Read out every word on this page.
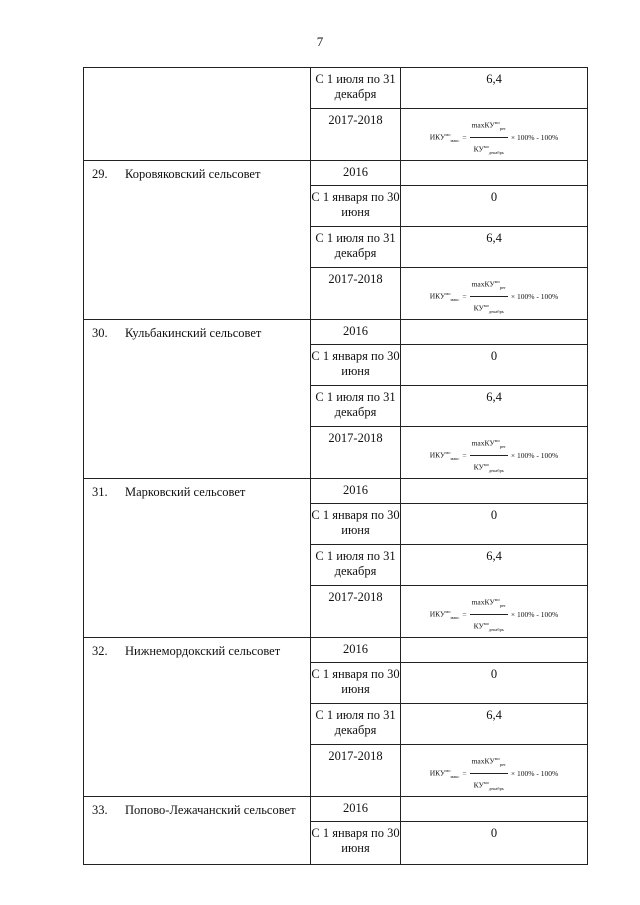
7
	С 1 июля по 31 декабря	6,4
	2017-2018	$ИКУ^{мо}_{макс} = \frac{\max КУ^{мо}_{рег}}{КУ^{мо}_{декабрь}} \times 100\% - 100\%$

29. Коровяковский сельсовет	2016	
	С 1 января по 30 июня	0
	С 1 июля по 31 декабря	6,4
	2017-2018	$ИКУ^{мо}_{макс} = \frac{\max КУ^{мо}_{рег}}{КУ^{мо}_{декабрь}} \times 100\% - 100\%$

30. Кульбакинский сельсовет	2016	
	С 1 января по 30 июня	0
	С 1 июля по 31 декабря	6,4
	2017-2018	$ИКУ^{мо}_{макс} = \frac{\max КУ^{мо}_{рег}}{КУ^{мо}_{декабрь}} \times 100\% - 100\%$

31. Марковский сельсовет	2016	
	С 1 января по 30 июня	0
	С 1 июля по 31 декабря	6,4
	2017-2018	$ИКУ^{мо}_{макс} = \frac{\max КУ^{мо}_{рег}}{КУ^{мо}_{декабрь}} \times 100\% - 100\%$

32. Нижнемордокский сельсовет	2016	
	С 1 января по 30 июня	0
	С 1 июля по 31 декабря	6,4
	2017-2018	$ИКУ^{мо}_{макс} = \frac{\max КУ^{мо}_{рег}}{КУ^{мо}_{декабрь}} \times 100\% - 100\%$

33. Попово-Лежачанский сельсовет	2016	
	С 1 января по 30 июня	0
